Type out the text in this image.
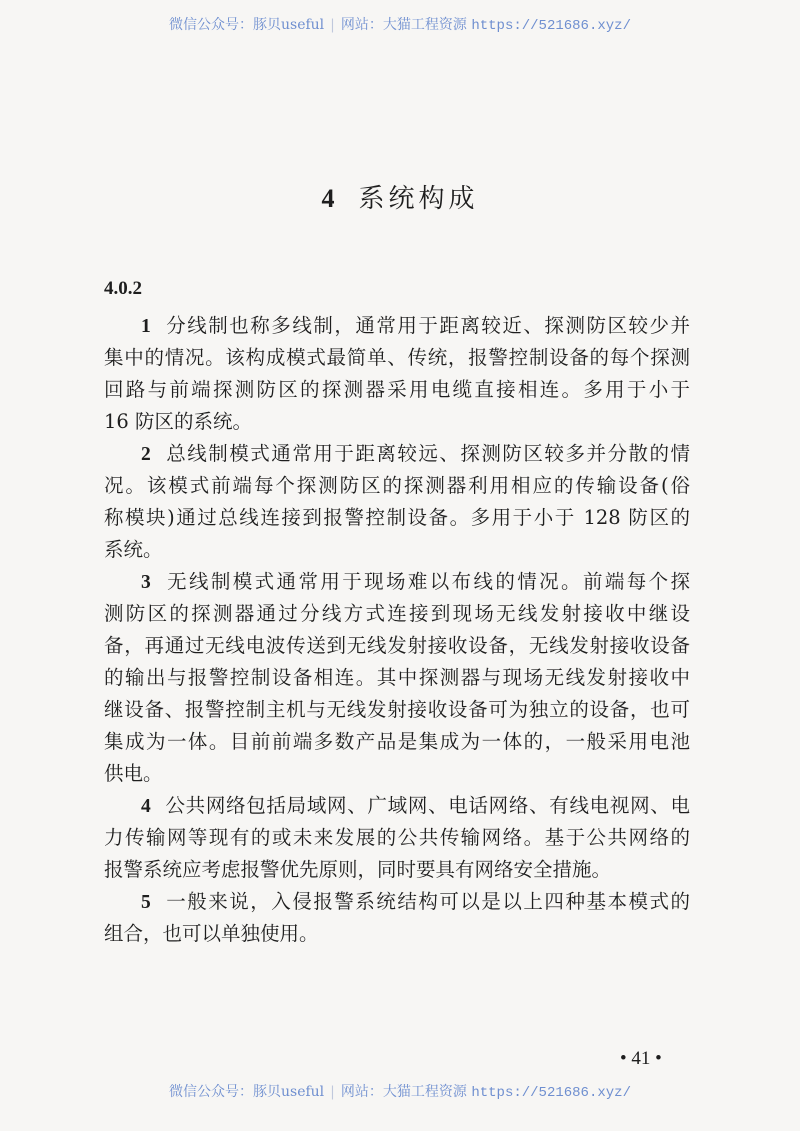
微信公众号：豚贝useful | 网站：大猫工程资源 https://521686.xyz/
4 系统构成
4.0.2
1 分线制也称多线制，通常用于距离较近、探测防区较少并
集中的情况。该构成模式最简单、传统，报警控制设备的每个探测
回路与前端探测防区的探测器采用电缆直接相连。多用于小于
16 防区的系统。
2 总线制模式通常用于距离较远、探测防区较多并分散的情
况。该模式前端每个探测防区的探测器利用相应的传输设备(俗
称模块)通过总线连接到报警控制设备。多用于小于 128 防区的
系统。
3 无线制模式通常用于现场难以布线的情况。前端每个探
测防区的探测器通过分线方式连接到现场无线发射接收中继设
备，再通过无线电波传送到无线发射接收设备，无线发射接收设备
的输出与报警控制设备相连。其中探测器与现场无线发射接收中
继设备、报警控制主机与无线发射接收设备可为独立的设备，也可
集成为一体。目前前端多数产品是集成为一体的，一般采用电池
供电。
4 公共网络包括局域网、广域网、电话网络、有线电视网、电
力传输网等现有的或未来发展的公共传输网络。基于公共网络的
报警系统应考虑报警优先原则，同时要具有网络安全措施。
5 一般来说，入侵报警系统结构可以是以上四种基本模式的
组合，也可以单独使用。
• 41 •
微信公众号：豚贝useful | 网站：大猫工程资源 https://521686.xyz/
